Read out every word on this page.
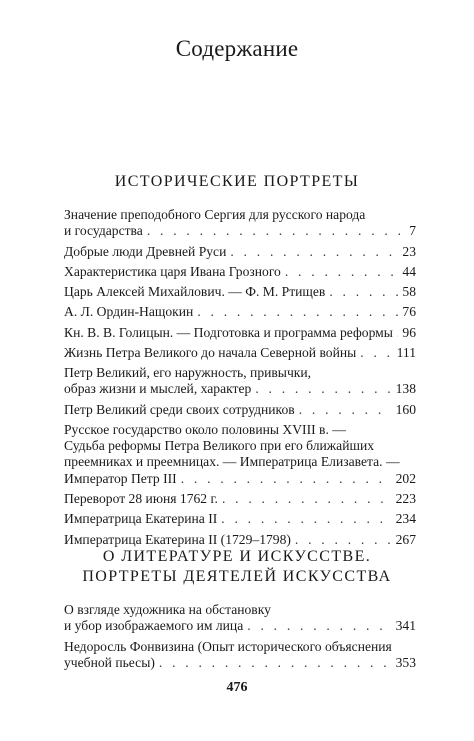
Содержание
ИСТОРИЧЕСКИЕ ПОРТРЕТЫ
Значение преподобного Сергия для русского народа
и государства . . .	7
Добрые люди Древней Руси . . .	23
Характеристика царя Ивана Грозного . . .	44
Царь Алексей Михайлович. — Ф. М. Ртищев . . .	58
А. Л. Ордин-Нащокин . . .	76
Кн. В. В. Голицын. — Подготовка и программа реформы . . . 96
Жизнь Петра Великого до начала Северной войны . . .	111
Петр Великий, его наружность, привычки,
образ жизни и мыслей, характер . . .	138
Петр Великий среди своих сотрудников . . .	160
Русское государство около половины XVIII в. —
Судьба реформы Петра Великого при его ближайших
преемниках и преемницах. — Императрица Елизавета. —
Император Петр III . . .	202
Переворот 28 июня 1762 г. . . .	223
Императрица Екатерина II . . .	234
Императрица Екатерина II (1729–1798) . . .	267
О ЛИТЕРАТУРЕ И ИСКУССТВЕ.
ПОРТРЕТЫ ДЕЯТЕЛЕЙ ИСКУССТВА
О взгляде художника на обстановку
и убор изображаемого им лица . . .	341
Недоросль Фонвизина (Опыт исторического объяснения
учебной пьесы) . . .	353
476
